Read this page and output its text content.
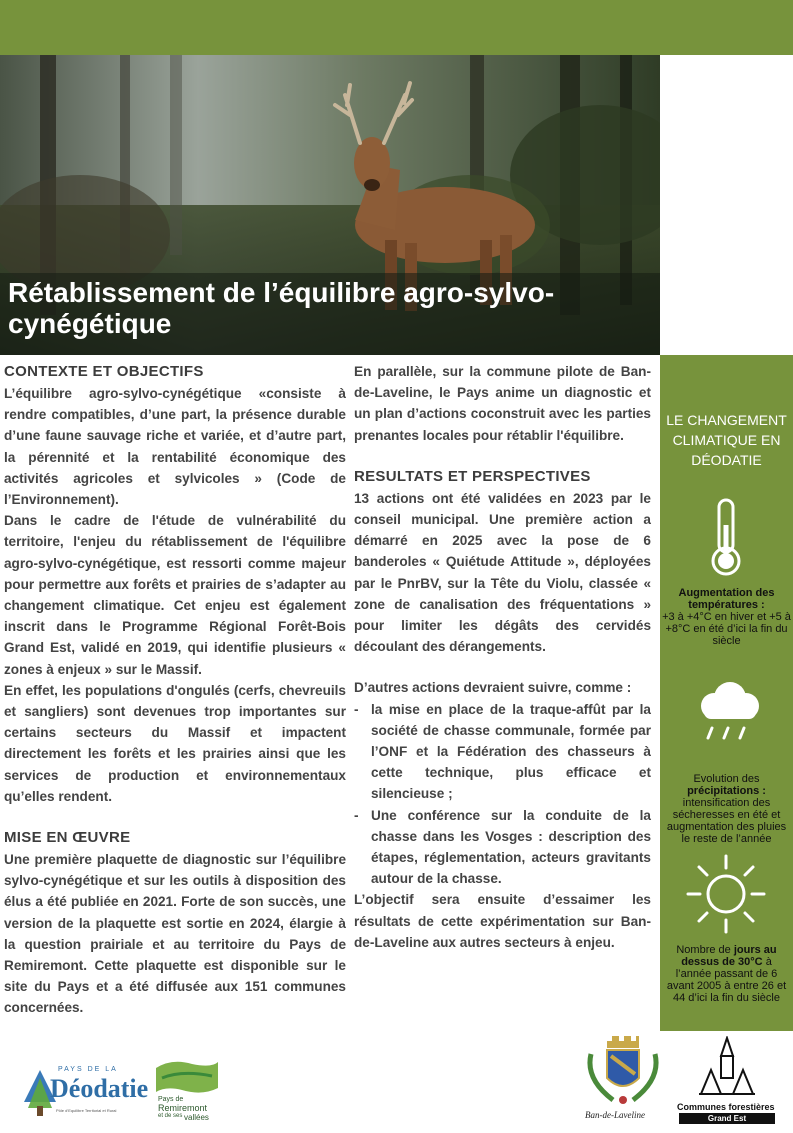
Rétablissement de l’équilibre agro-sylvo-cynégétique
CONTEXTE ET OBJECTIFS

L’équilibre agro-sylvo-cynégétique «consiste à rendre compatibles, d’une part, la présence durable d’une faune sauvage riche et variée, et d’autre part, la pérennité et la rentabilité économique des activités agricoles et sylvicoles » (Code de l’Environnement).

Dans le cadre de l'étude de vulnérabilité du territoire, l'enjeu du rétablissement de l'équilibre agro-sylvo-cynégétique, est ressorti comme majeur pour permettre aux forêts et prairies de s’adapter au changement climatique. Cet enjeu est également inscrit dans le Programme Régional Forêt-Bois Grand Est, validé en 2019, qui identifie plusieurs « zones à enjeux » sur le Massif.

En effet, les populations d'ongulés (cerfs, chevreuils et sangliers) sont devenues trop importantes sur certains secteurs du Massif et impactent directement les forêts et les prairies ainsi que les services de production et environnementaux qu’elles rendent.

MISE EN ŒUVRE

Une première plaquette de diagnostic sur l’équilibre sylvo-cynégétique et sur les outils à disposition des élus a été publiée en 2021. Forte de son succès, une version de la plaquette est sortie en 2024, élargie à la question prairiale et au territoire du Pays de Remiremont. Cette plaquette est disponible sur le site du Pays et a été diffusée aux 151 communes concernées.

En parallèle, sur la commune pilote de Ban-de-Laveline, le Pays anime un diagnostic et un plan d’actions coconstruit avec les parties prenantes locales pour rétablir l'équilibre.

RESULTATS ET PERSPECTIVES

13 actions ont été validées en 2023 par le conseil municipal. Une première action a démarré en 2025 avec la pose de 6 banderoles « Quiétude Attitude », déployées par le PnrBV, sur la Tête du Violu, classée « zone de canalisation des fréquentations » pour limiter les dégâts des cervidés découlant des dérangements.

D’autres actions devraient suivre, comme :

- la mise en place de la traque-affût par la société de chasse communale, formée par l’ONF et la Fédération des chasseurs à cette technique, plus efficace et silencieuse ;
- Une conférence sur la conduite de la chasse dans les Vosges : description des étapes, réglementation, acteurs gravitants autour de la chasse.

L’objectif sera ensuite d’essaimer les résultats de cette expérimentation sur Ban-de-Laveline aux autres secteurs à enjeu.

LE CHANGEMENT CLIMATIQUE EN DÉODATIE
Augmentation des températures :
+3 à +4°C en hiver et +5 à +8°C en été d’ici la fin du siècle
Evolution des
précipitations : intensification des sécheresses en été et augmentation des pluies le reste de l’année
Nombre de jours au dessus de 30°C à l’année passant de 6 avant 2005 à entre 26 et 44 d’ici la fin du siècle
PAYS DE LA
Déodatie
Pôle d’Equilibre Territorial et Rural
Pays de
Remiremont
et de ses vallées	Ban-de-Laveline
Communes forestières
Grand Est
